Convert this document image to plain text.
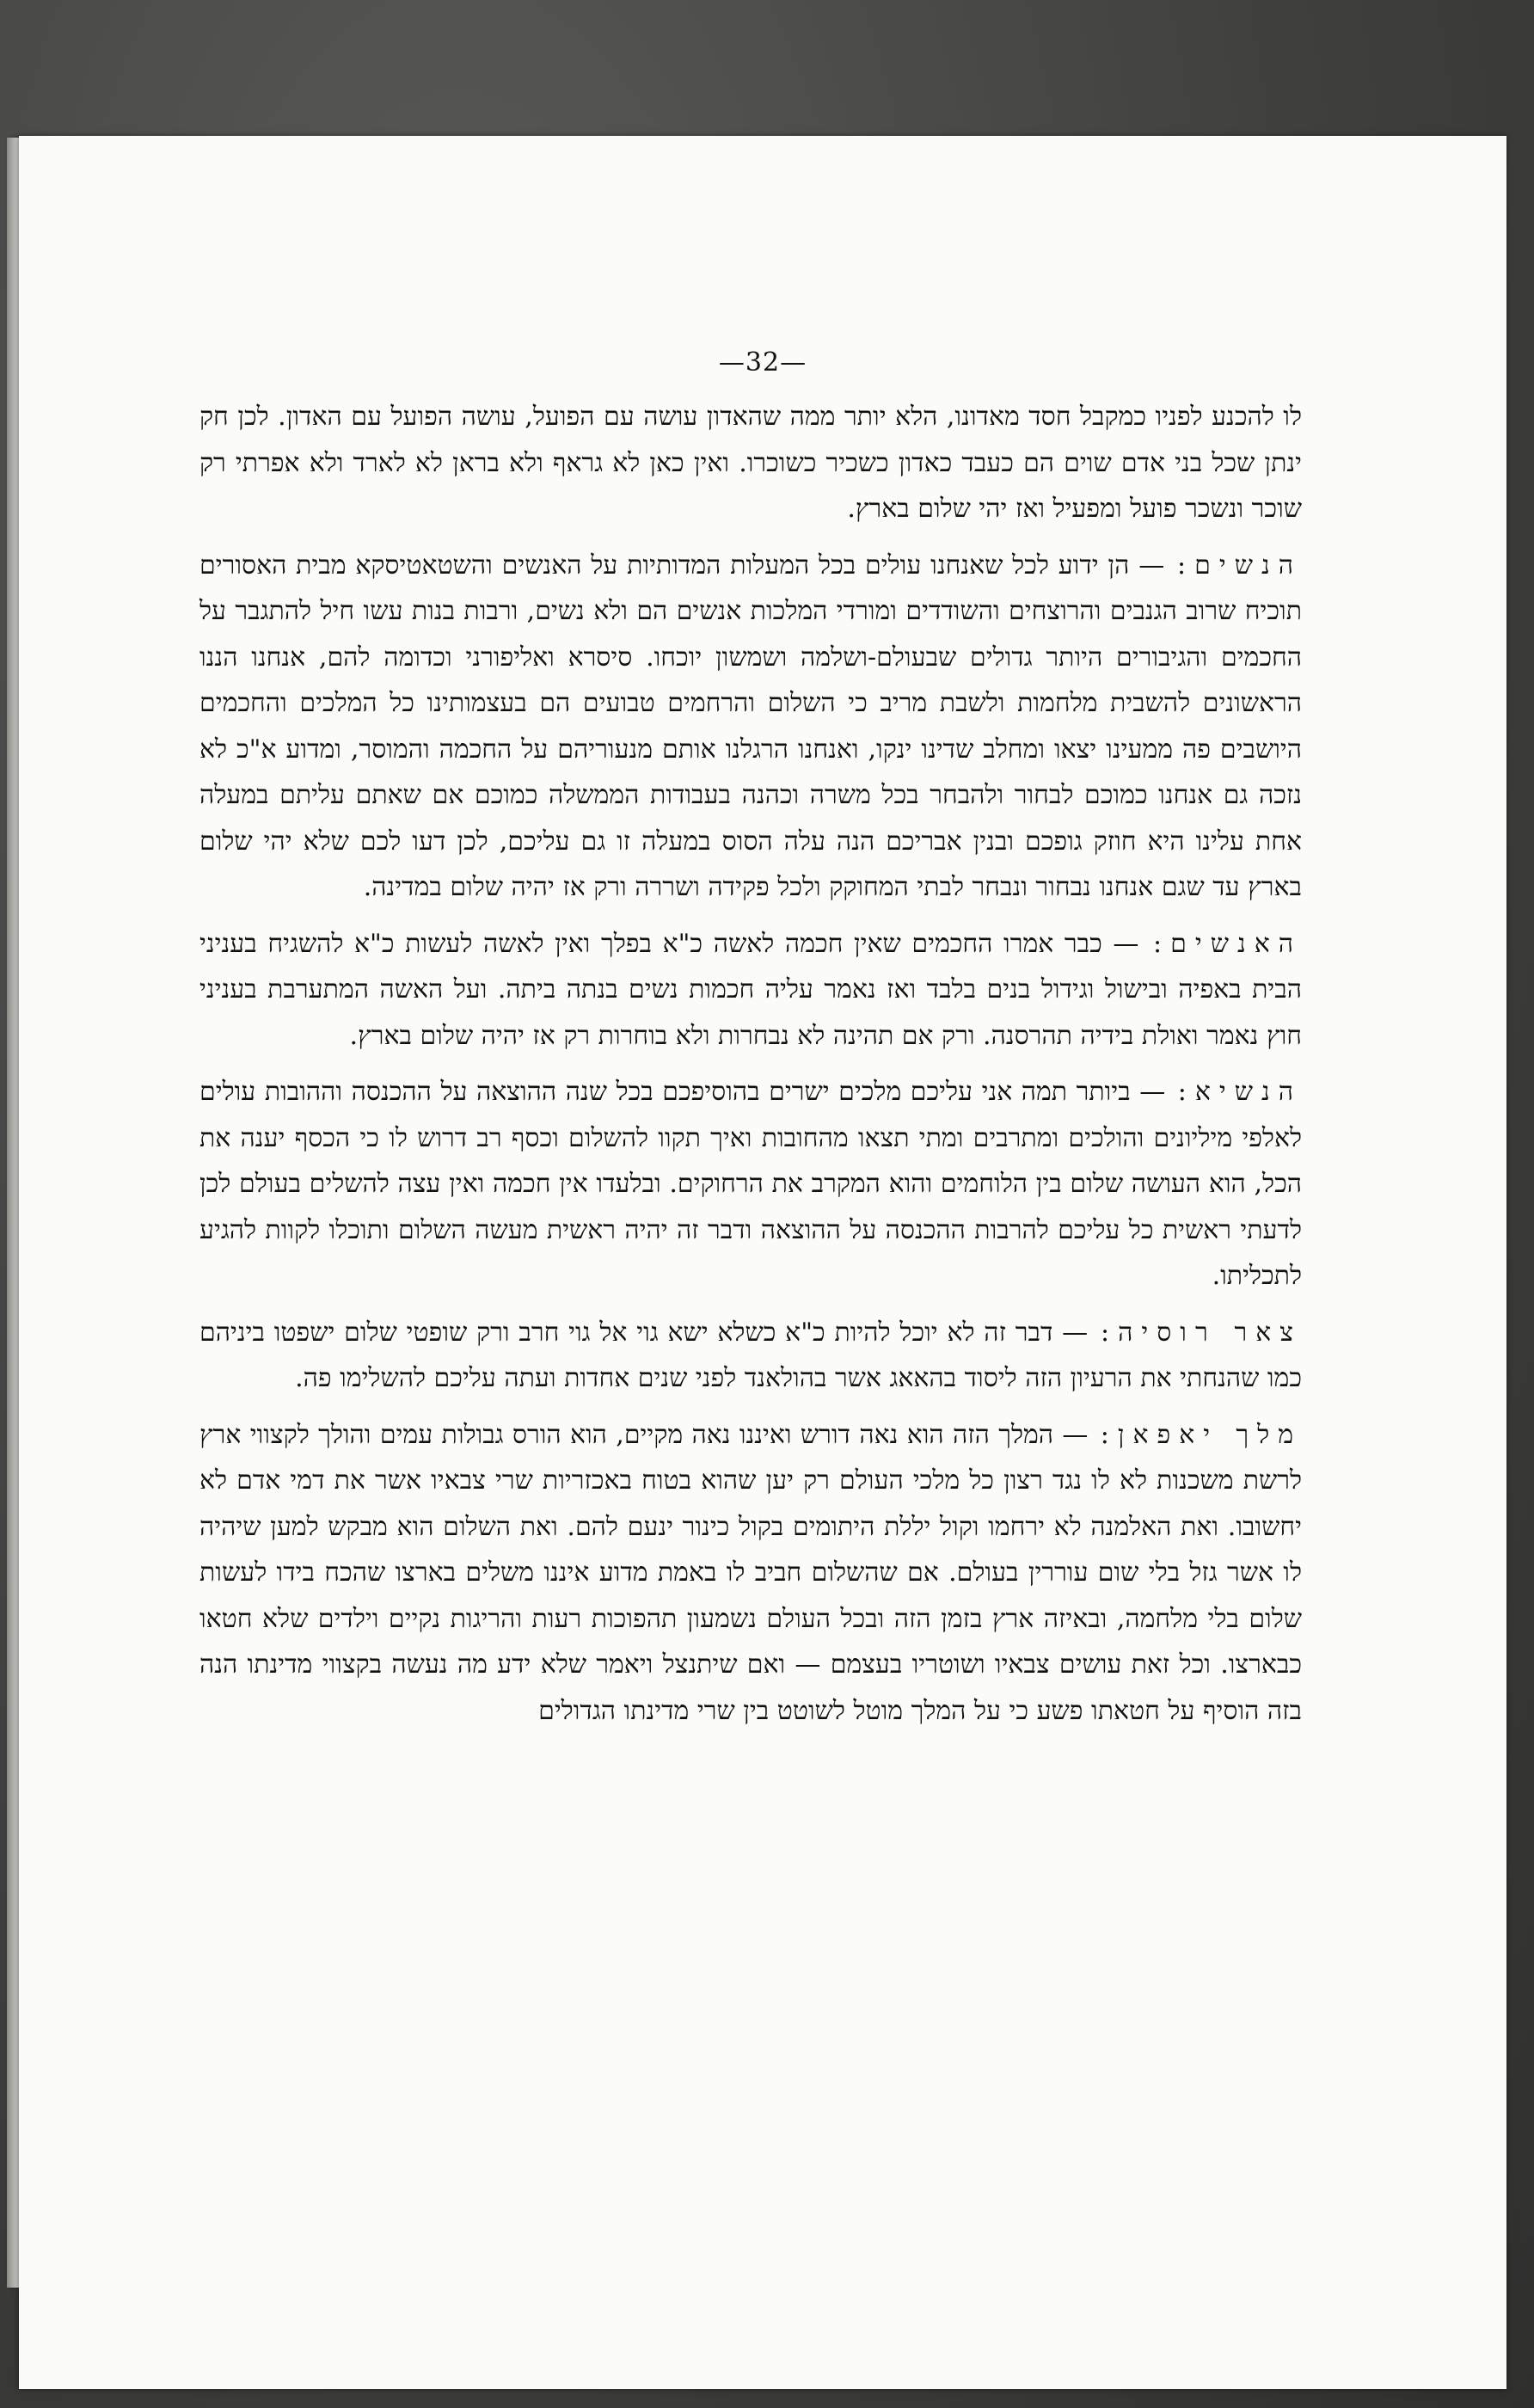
—32—

לו להכנע לפניו כמקבל חסד מאדונו, הלא יותר ממה שהאדון עושה עם הפועל, עושה הפועל עם האדון. לכן חק ינתן שכל בני אדם שוים הם כעבד כאדון כשכיר כשוכרו. ואין כאן לא גראף ולא בראן לא לארד ולא אפרתי רק שוכר ונשכר פועל ומפעיל ואז יהי שלום בארץ.

הנשים: — הן ידוע לכל שאנחנו עולים בכל המעלות המדותיות על האנשים והשטאטיסקא מבית האסורים תוכיח שרוב הגנבים והרוצחים והשודדים ומורדי המלכות אנשים הם ולא נשים, ורבות בנות עשו חיל להתגבר על החכמים והגיבורים היותר גדולים שבעולם-ושלמה ושמשון יוכחו. סיסרא ואליפורני וכדומה להם, אנחנו הננו הראשונים להשבית מלחמות ולשבת מריב כי השלום והרחמים טבועים הם בעצמותינו כל המלכים והחכמים היושבים פה ממעינו יצאו ומחלב שדינו ינקו, ואנחנו הרגלנו אותם מנעוריהם על החכמה והמוסר, ומדוע א"כ לא נזכה גם אנחנו כמוכם לבחור ולהבחר בכל משרה וכהנה בעבודות הממשלה כמוכם אם שאתם עליתם במעלה אחת עלינו היא חוזק גופכם ובנין אבריכם הנה עלה הסוס במעלה זו גם עליכם, לכן דעו לכם שלא יהי שלום בארץ עד שגם אנחנו נבחור ונבחר לבתי המחוקק ולכל פקידה ושררה ורק אז יהיה שלום במדינה.

האנשים: — כבר אמרו החכמים שאין חכמה לאשה כ"א בפלך ואין לאשה לעשות כ"א להשגיח בעניני הבית באפיה ובישול וגידול בנים בלבד ואז נאמר עליה חכמות נשים בנתה ביתה. ועל האשה המתערבת בעניני חוץ נאמר ואולת בידיה תהרסנה. ורק אם תהינה לא נבחרות ולא בוחרות רק אז יהיה שלום בארץ.

הנשיא: — ביותר תמה אני עליכם מלכים ישרים בהוסיפכם בכל שנה ההוצאה על ההכנסה וההובות עולים לאלפי מיליונים והולכים ומתרבים ומתי תצאו מהחובות ואיך תקוו להשלום וכסף רב דרוש לו כי הכסף יענה את הכל, הוא העושה שלום בין הלוחמים והוא המקרב את הרחוקים. ובלעדו אין חכמה ואין עצה להשלים בעולם לכן לדעתי ראשית כל עליכם להרבות ההכנסה על ההוצאה ודבר זה יהיה ראשית מעשה השלום ותוכלו לקוות להגיע לתכליתו.

צאר רוסיה: — דבר זה לא יוכל להיות כ"א כשלא ישא גוי אל גוי חרב ורק שופטי שלום ישפטו ביניהם כמו שהנחתי את הרעיון הזה ליסוד בהאאג אשר בהולאנד לפני שנים אחדות ועתה עליכם להשלימו פה.

מלך יאפאן: — המלך הזה הוא נאה דורש ואיננו נאה מקיים, הוא הורס גבולות עמים והולך לקצווי ארץ לרשת משכנות לא לו נגד רצון כל מלכי העולם רק יען שהוא בטוח באכזריות שרי צבאיו אשר את דמי אדם לא יחשובו. ואת האלמנה לא ירחמו וקול יללת היתומים בקול כינור ינעם להם. ואת השלום הוא מבקש למען שיהיה לו אשר גזל בלי שום עוררין בעולם. אם שהשלום חביב לו באמת מדוע איננו משלים בארצו שהכח בידו לעשות שלום בלי מלחמה, ובאיזה ארץ בזמן הזה ובכל העולם נשמעון תהפוכות רעות והריגות נקיים וילדים שלא חטאו כבארצו. וכל זאת עושים צבאיו ושוטריו בעצמם — ואם שיתנצל ויאמר שלא ידע מה נעשה בקצווי מדינתו הנה בזה הוסיף על חטאתו פשע כי על המלך מוטל לשוטט בין שרי מדינתו הגדולים
